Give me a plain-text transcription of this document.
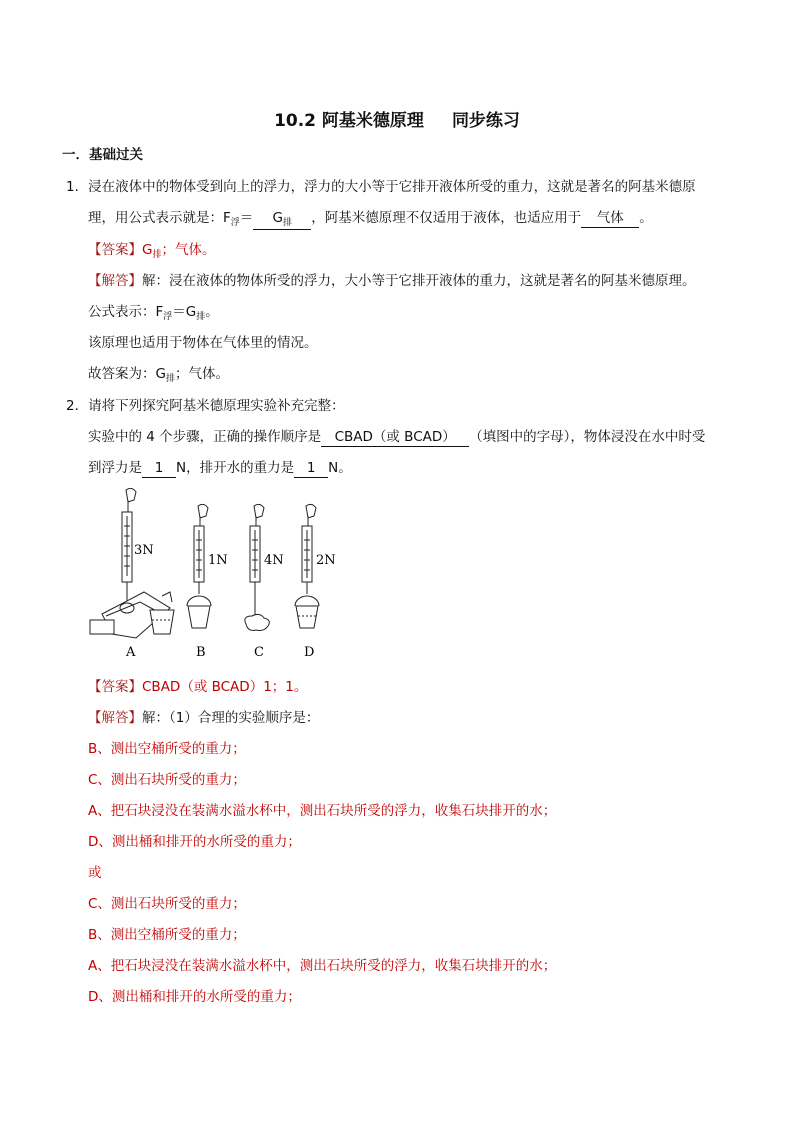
10.2 阿基米德原理 同步练习
一．基础过关
1．浸在液体中的物体受到向上的浮力，浮力的大小等于它排开液体所受的重力，这就是著名的阿基米德原
理，用公式表示就是：$F_浮= G_排$ ，阿基米德原理不仅适用于液体，也适应用于 气体 。
【答案】$G_排$；气体。
【解答】解：浸在液体的物体所受的浮力，大小等于它排开液体的重力，这就是著名的阿基米德原理。
公式表示：$F_浮=G_排$。
该原理也适用于物体在气体里的情况。
故答案为：$G_排$；气体。
2．请将下列探究阿基米德原理实验补充完整：
实验中的 4 个步骤，正确的操作顺序是 CBAD（或 BCAD） （填图中的字母），物体浸没在水中时受
到浮力是 1 N，排开水的重力是 1 N。
3N
1N	4N 2N
A	B	C	D
【答案】CBAD（或 BCAD）1；1。
【解答】解：（1）合理的实验顺序是：
B、测出空桶所受的重力；
C、测出石块所受的重力；
A、把石块浸没在装满水溢水杯中，测出石块所受的浮力，收集石块排开的水；
D、测出桶和排开的水所受的重力；
或
C、测出石块所受的重力；
B、测出空桶所受的重力；
A、把石块浸没在装满水溢水杯中，测出石块所受的浮力，收集石块排开的水；
D、测出桶和排开的水所受的重力；
